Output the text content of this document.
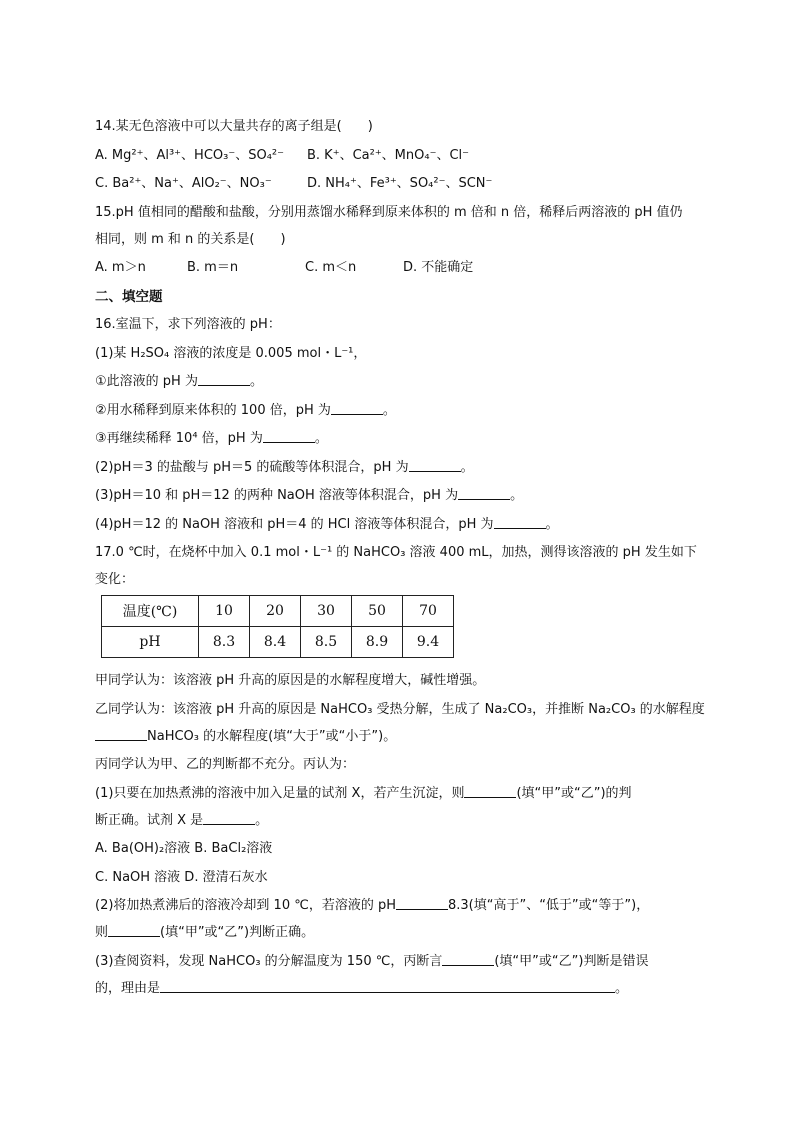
14.某无色溶液中可以大量共存的离子组是(　　)
A. Mg²⁺、Al³⁺、HCO₃⁻、SO₄²⁻ B. K⁺、Ca²⁺、MnO₄⁻、Cl⁻
C. Ba²⁺、Na⁺、AlO₂⁻、NO₃⁻	D. NH₄⁺、Fe³⁺、SO₄²⁻、SCN⁻
15.pH 值相同的醋酸和盐酸，分别用蒸馏水稀释到原来体积的 m 倍和 n 倍，稀释后两溶液的 pH 值仍
相同，则 m 和 n 的关系是(　　)
A. m＞n	B. m＝n	C. m＜n	D. 不能确定
二、填空题
16.室温下，求下列溶液的 pH：
(1)某 H₂SO₄ 溶液的浓度是 0.005 mol・L⁻¹，
①此溶液的 pH 为	。
②用水稀释到原来体积的 100 倍，pH 为	。
③再继续稀释 10⁴ 倍，pH 为	。
(2)pH＝3 的盐酸与 pH＝5 的硫酸等体积混合，pH 为	。
(3)pH＝10 和 pH＝12 的两种 NaOH 溶液等体积混合，pH 为	。
(4)pH＝12 的 NaOH 溶液和 pH＝4 的 HCl 溶液等体积混合，pH 为	。
17.0 ℃时，在烧杯中加入 0.1 mol・L⁻¹ 的 NaHCO₃ 溶液 400 mL，加热，测得该溶液的 pH 发生如下
变化：
温度(℃)	10	20	30	50	70
pH	8.3	8.4	8.5	8.9	9.4
甲同学认为：该溶液 pH 升高的原因是的水解程度增大，碱性增强。
乙同学认为：该溶液 pH 升高的原因是 NaHCO₃ 受热分解，生成了 Na₂CO₃，并推断 Na₂CO₃ 的水解程度
NaHCO₃ 的水解程度(填“大于”或“小于”)。
丙同学认为甲、乙的判断都不充分。丙认为：
(1)只要在加热煮沸的溶液中加入足量的试剂 X，若产生沉淀，则	(填“甲”或“乙”)的判
断正确。试剂 X 是	。
A. Ba(OH)₂溶液 B. BaCl₂溶液
C. NaOH 溶液 D. 澄清石灰水
(2)将加热煮沸后的溶液冷却到 10 ℃，若溶液的 pH	8.3(填“高于”、“低于”或“等于”)，
则	(填“甲”或“乙”)判断正确。
(3)查阅资料，发现 NaHCO₃ 的分解温度为 150 ℃，丙断言	(填“甲”或“乙”)判断是错误
的，理由是	。
